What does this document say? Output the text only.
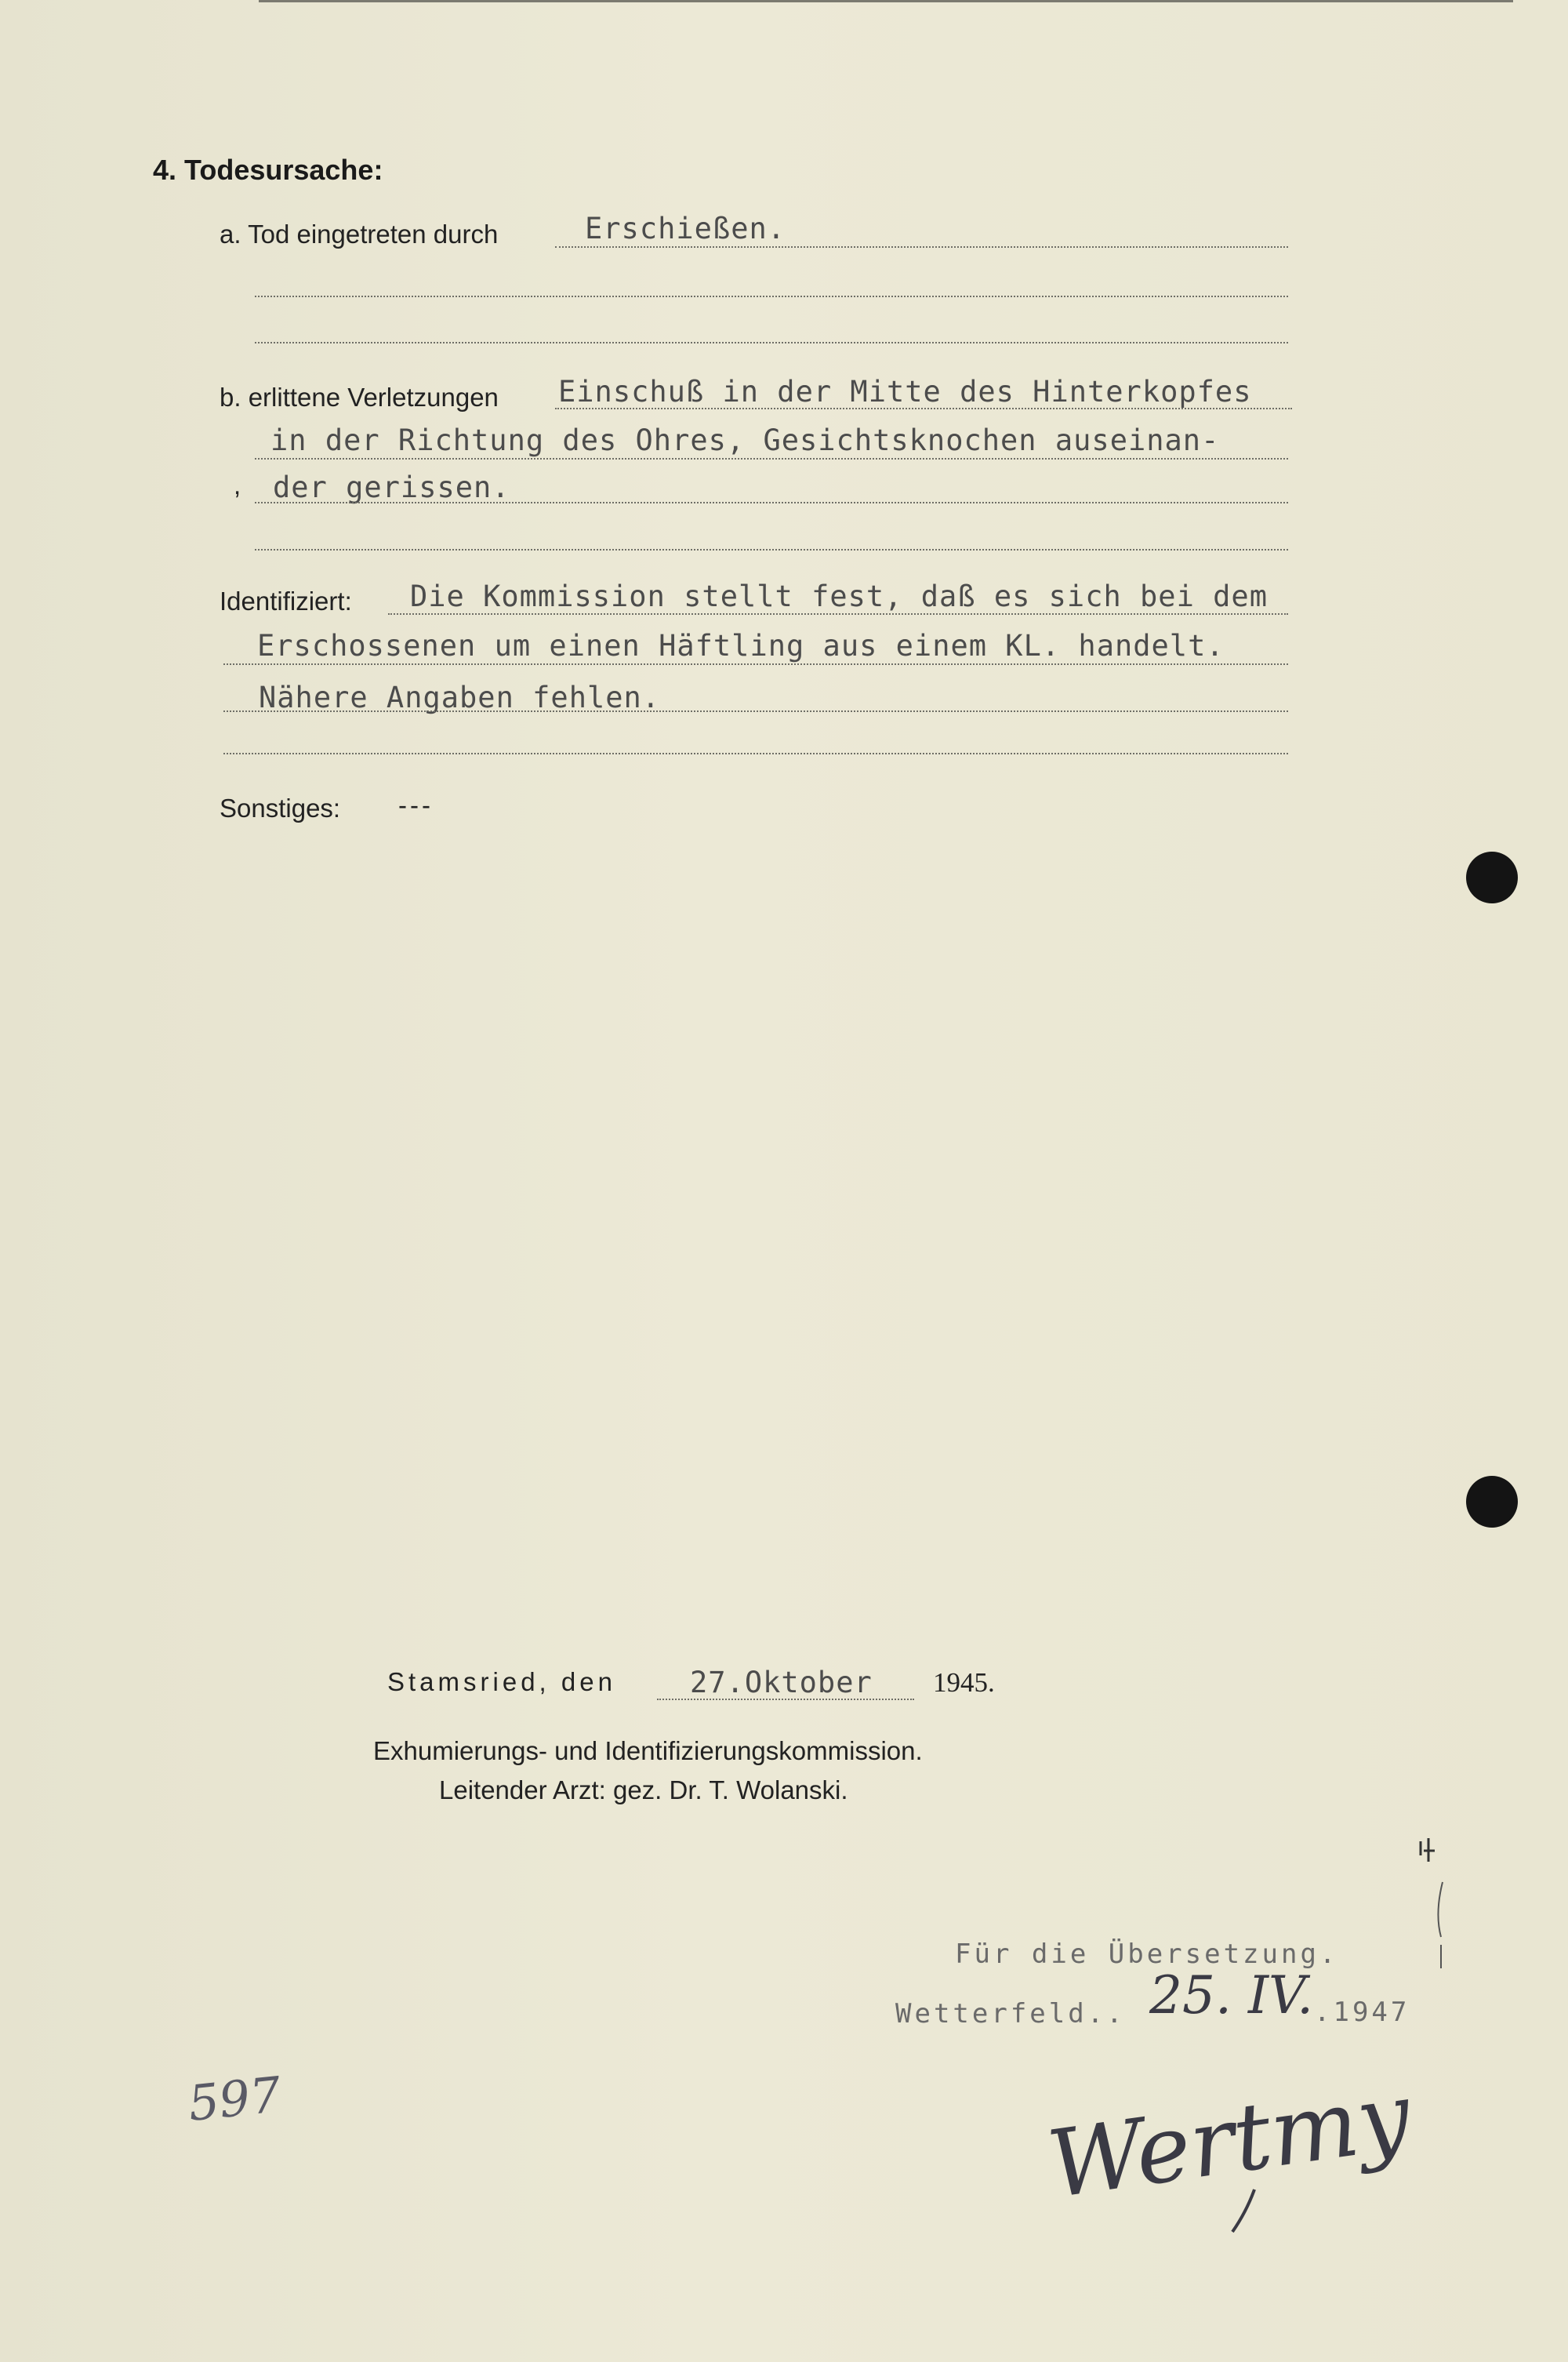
4. Todesursache:
a. Tod eingetreten durch	Erschießen.
b. erlittene Verletzungen Einschuß in der Mitte des Hinterkopfes
in der Richtung des Ohres, Gesichtsknochen auseinan-
, der gerissen.
Identifiziert: Die Kommission stellt fest, daß es sich bei dem
Erschossenen um einen Häftling aus einem KL. handelt.
Nähere Angaben fehlen.
Sonstiges: ---
Stamsried, den	27.Oktober 1945.
Exhumierungs- und Identifizierungskommission.
Leitender Arzt: gez. Dr. T. Wolanski.
Für die Übersetzung.
Wetterfeld.. 25. IV. .1947
597	Wertmy
